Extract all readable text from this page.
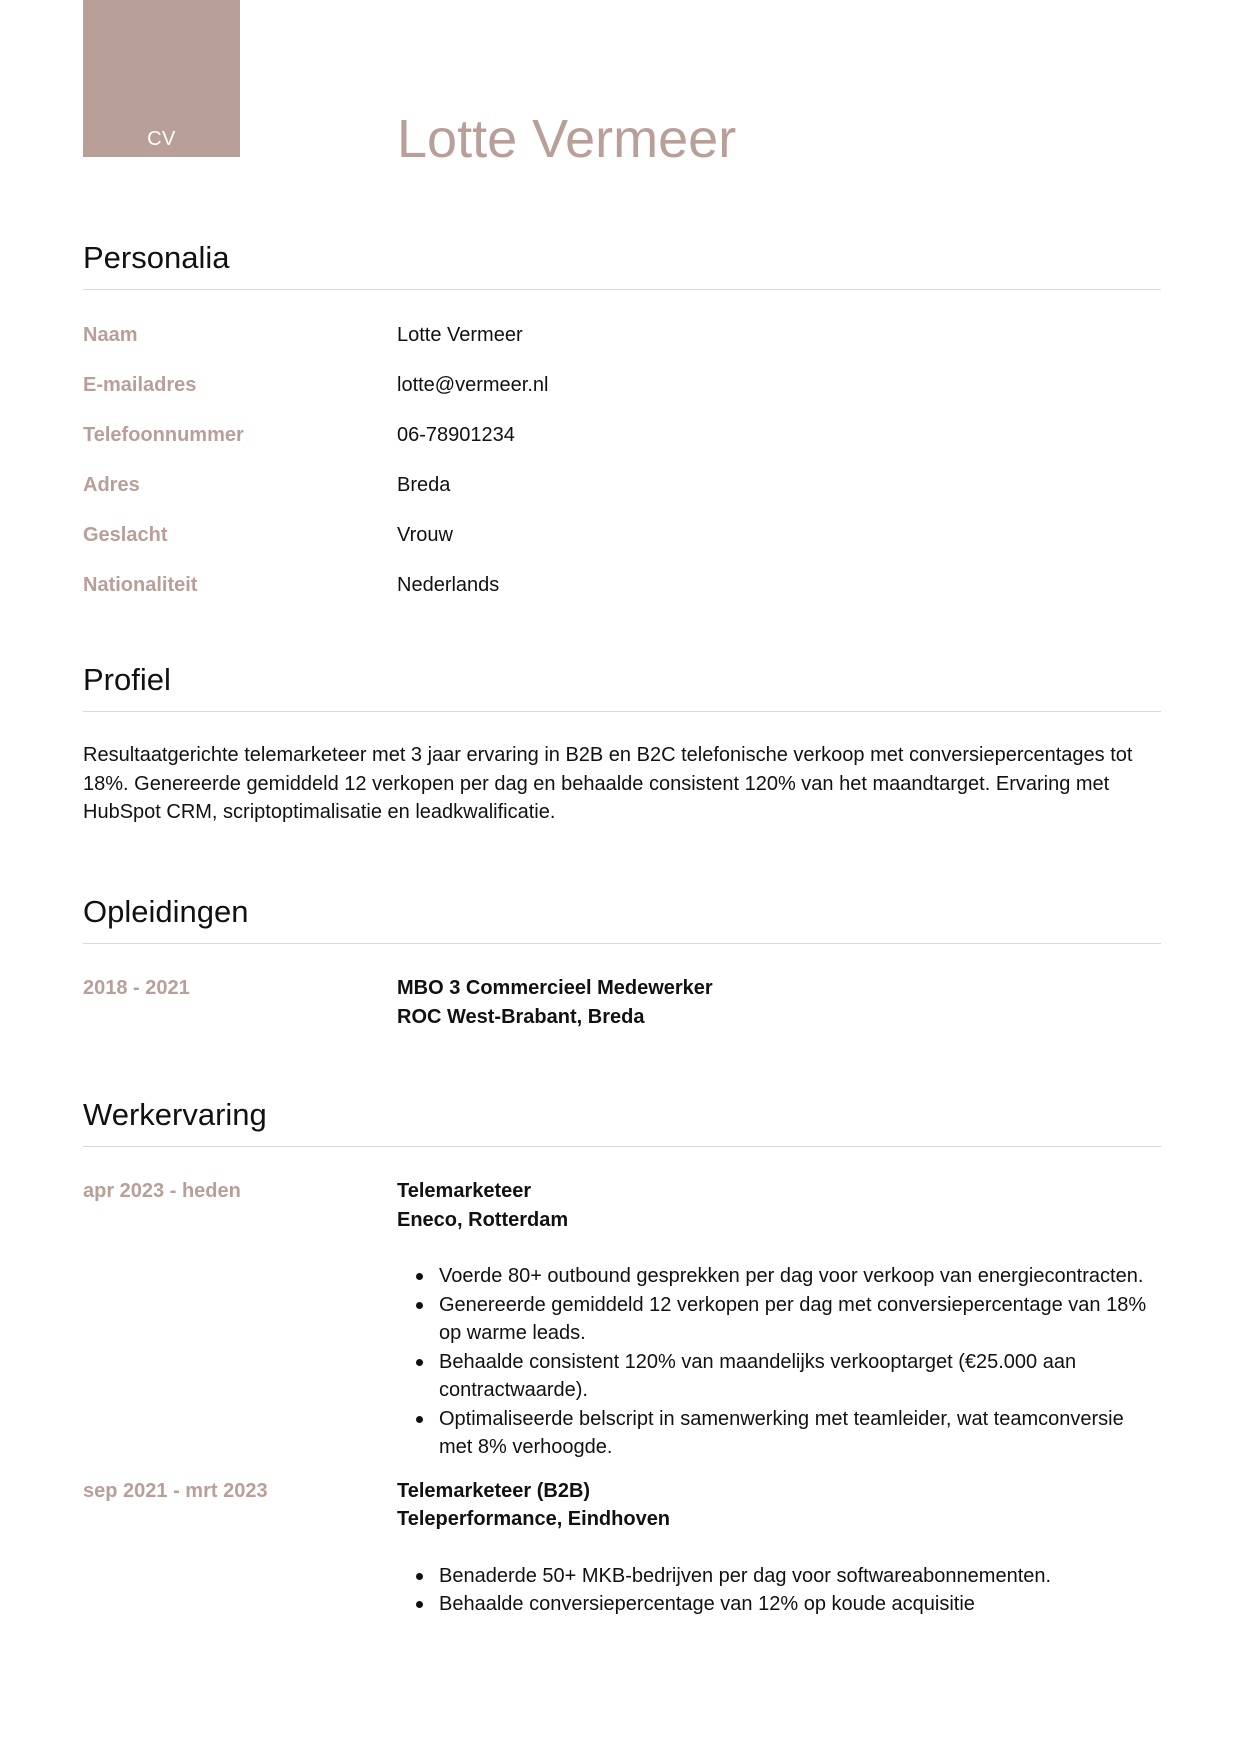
CV	Lotte Vermeer
Personalia
Naam	Lotte Vermeer
E-mailadres	lotte@vermeer.nl
Telefoonnummer	06-78901234
Adres	Breda
Geslacht	Vrouw
Nationaliteit	Nederlands
Profiel

Resultaatgerichte telemarketeer met 3 jaar ervaring in B2B en B2C telefonische verkoop met conversiepercentages tot 18%. Genereerde gemiddeld 12 verkopen per dag en behaalde consistent 120% van het maandtarget. Ervaring met HubSpot CRM, scriptoptimalisatie en leadkwalificatie.

Opleidingen
2018 - 2021	MBO 3 Commercieel Medewerker
ROC West-Brabant, Breda
Werkervaring
apr 2023 - heden	Telemarketeer
Eneco, Rotterdam
Voerde 80+ outbound gesprekken per dag voor verkoop van energiecontracten.
Genereerde gemiddeld 12 verkopen per dag met conversiepercentage van 18% op warme leads.
Behaalde consistent 120% van maandelijks verkooptarget (€25.000 aan contractwaarde).
Optimaliseerde belscript in samenwerking met teamleider, wat teamconversie met 8% verhoogde.
sep 2021 - mrt 2023	Telemarketeer (B2B)
Teleperformance, Eindhoven
Benaderde 50+ MKB-bedrijven per dag voor softwareabonnementen.
Behaalde conversiepercentage van 12% op koude acquisitie
